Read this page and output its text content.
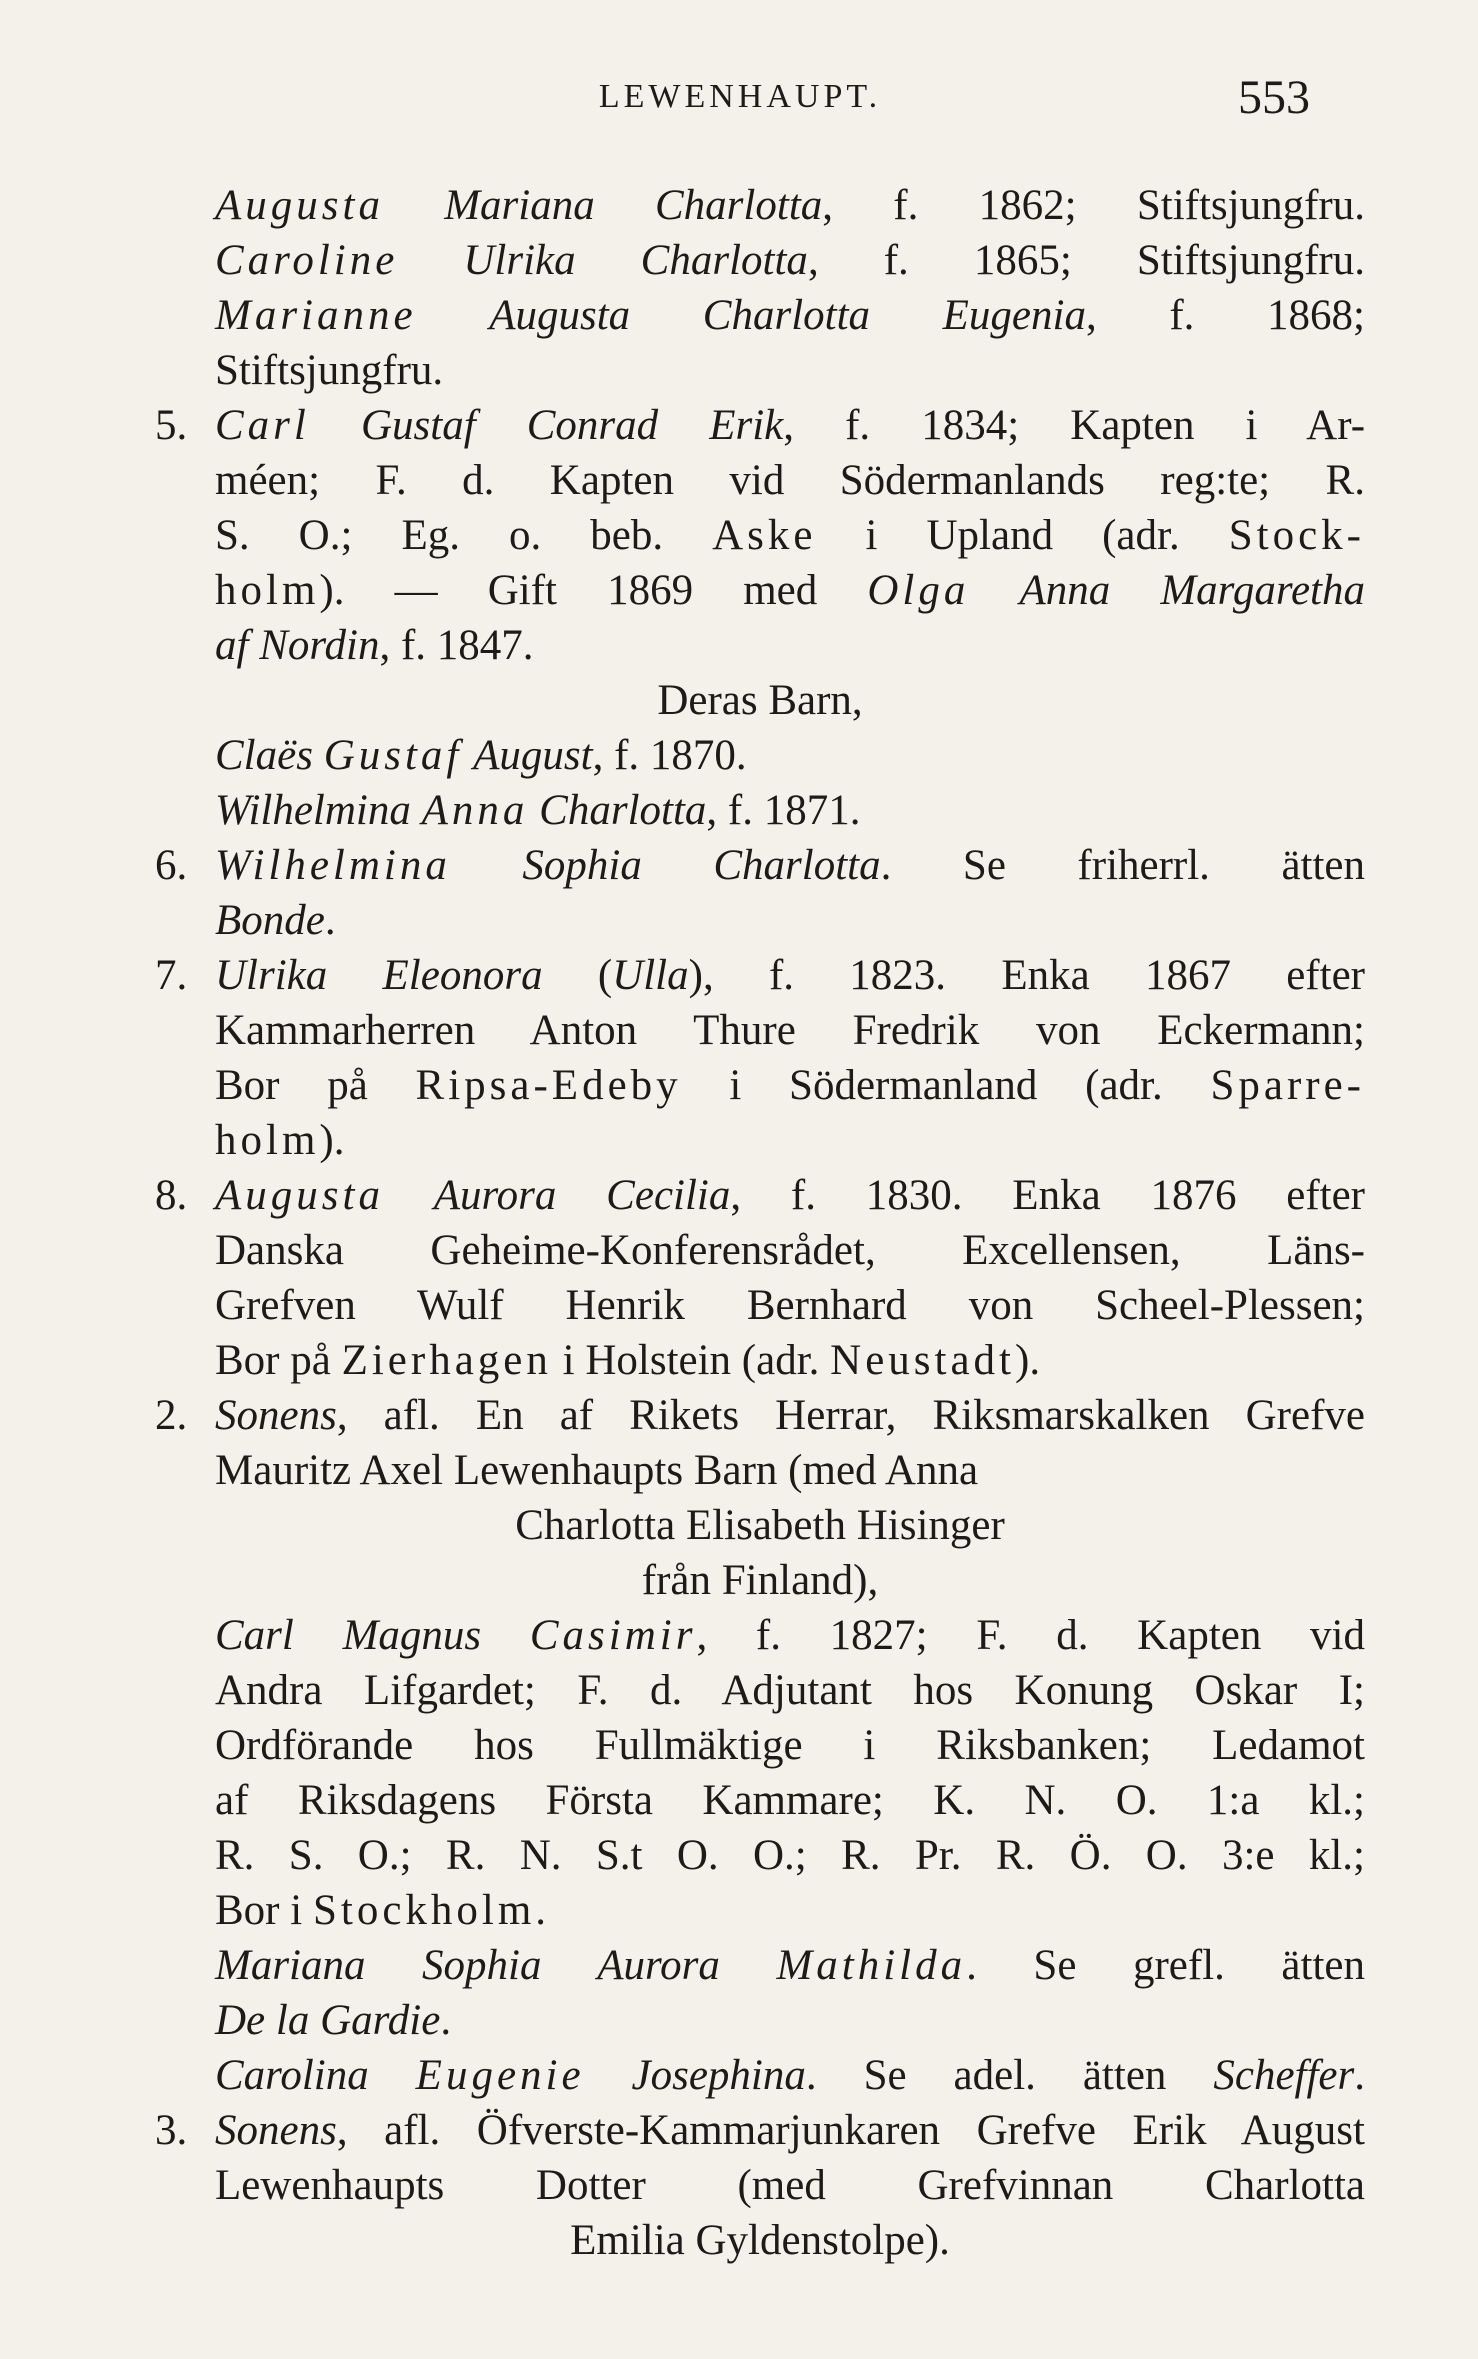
LEWENHAUPT.	553
Augusta Mariana Charlotta, f. 1862; Stiftsjungfru.
Caroline Ulrika Charlotta, f. 1865; Stiftsjungfru.
Marianne Augusta Charlotta Eugenia, f. 1868;
Stiftsjungfru.
5. Carl Gustaf Conrad Erik, f. 1834; Kapten i Ar-
méen; F. d. Kapten vid Södermanlands reg:te; R.
S. O.; Eg. o. beb. Aske i Upland (adr. Stock-
holm). — Gift 1869 med Olga Anna Margaretha
af Nordin, f. 1847.
Deras Barn,
Claës Gustaf August, f. 1870.
Wilhelmina Anna Charlotta, f. 1871.
6. Wilhelmina Sophia Charlotta. Se friherrl. ätten
Bonde.
7. Ulrika Eleonora (Ulla), f. 1823. Enka 1867 efter
Kammarherren Anton Thure Fredrik von Eckermann;
Bor på Ripsa-Edeby i Södermanland (adr. Sparre-
holm).
8. Augusta Aurora Cecilia, f. 1830. Enka 1876 efter
Danska Geheime-Konferensrådet, Excellensen, Läns-
Grefven Wulf Henrik Bernhard von Scheel-Plessen;
Bor på Zierhagen i Holstein (adr. Neustadt).
2. Sonens, afl. En af Rikets Herrar, Riksmarskalken Grefve
Mauritz Axel Lewenhaupts Barn (med Anna
Charlotta Elisabeth Hisinger
från Finland),
Carl Magnus Casimir, f. 1827; F. d. Kapten vid
Andra Lifgardet; F. d. Adjutant hos Konung Oskar I;
Ordförande hos Fullmäktige i Riksbanken; Ledamot
af Riksdagens Första Kammare; K. N. O. 1:a kl.;
R. S. O.; R. N. S.t O. O.; R. Pr. R. Ö. O. 3:e kl.;
Bor i Stockholm.
Mariana Sophia Aurora Mathilda. Se grefl. ätten
De la Gardie.
Carolina Eugenie Josephina. Se adel. ätten Scheffer.
3. Sonens, afl. Öfverste-Kammarjunkaren Grefve Erik August
Lewenhaupts Dotter (med Grefvinnan Charlotta
Emilia Gyldenstolpe).
